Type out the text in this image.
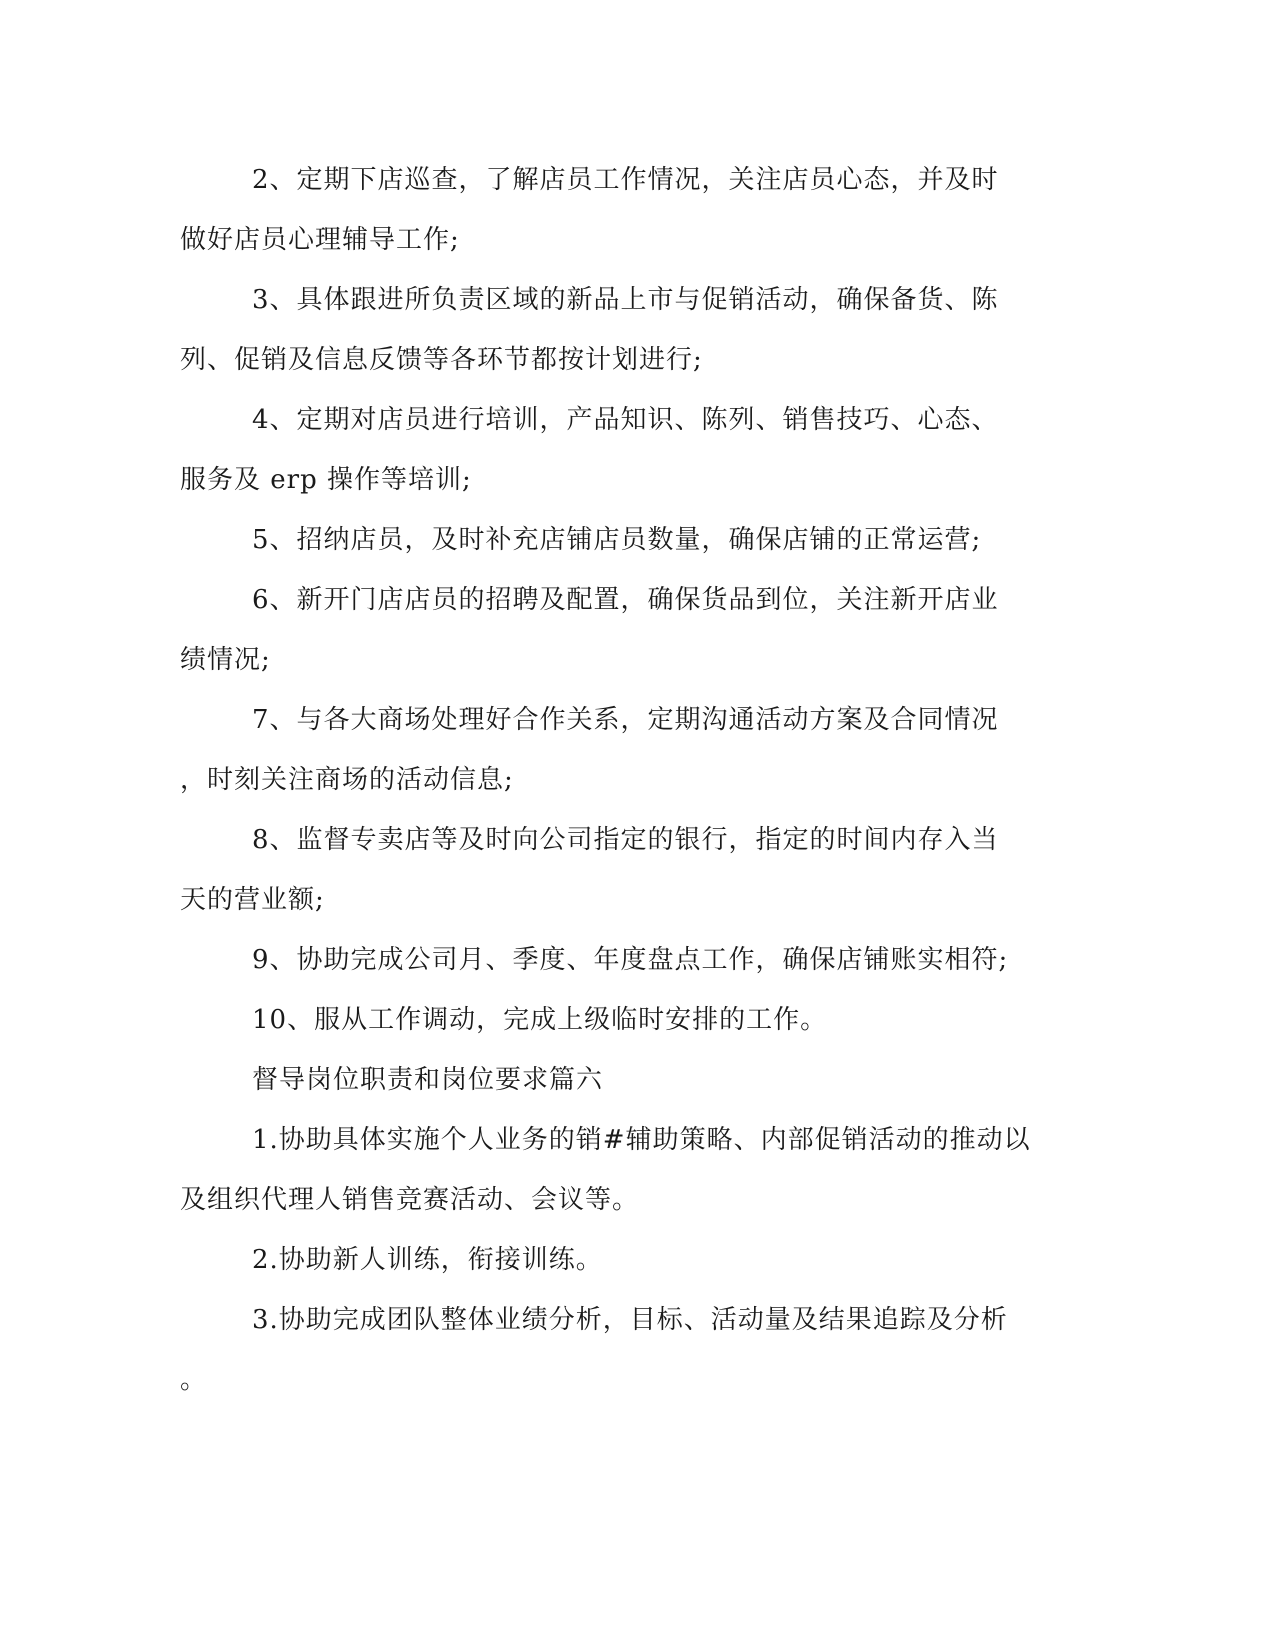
2、定期下店巡查，了解店员工作情况，关注店员心态，并及时
做好店员心理辅导工作;
3、具体跟进所负责区域的新品上市与促销活动，确保备货、陈
列、促销及信息反馈等各环节都按计划进行;
4、定期对店员进行培训，产品知识、陈列、销售技巧、心态、
服务及 erp 操作等培训;
5、招纳店员，及时补充店铺店员数量，确保店铺的正常运营;
6、新开门店店员的招聘及配置，确保货品到位，关注新开店业
绩情况;
7、与各大商场处理好合作关系，定期沟通活动方案及合同情况
，时刻关注商场的活动信息;
8、监督专卖店等及时向公司指定的银行，指定的时间内存入当
天的营业额;
9、协助完成公司月、季度、年度盘点工作，确保店铺账实相符;
10、服从工作调动，完成上级临时安排的工作。
督导岗位职责和岗位要求篇六
1.协助具体实施个人业务的销#辅助策略、内部促销活动的推动以
及组织代理人销售竞赛活动、会议等。
2.协助新人训练，衔接训练。
3.协助完成团队整体业绩分析，目标、活动量及结果追踪及分析
。
